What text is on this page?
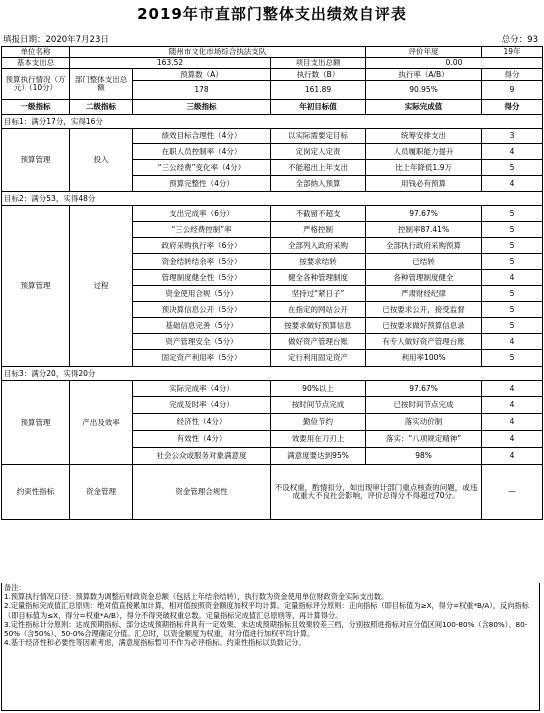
2019年市直部门整体支出绩效自评表
填报日期：2020年7月23日	总分：93
单位名称	随州市文化市场综合执法支队			评价年度	19年
基本支出总	163.52		项目支出总额	0.00	
预算执行情况（万元）（10分）	部门整体支出总额	预算数（A）	执行数（B）	执行率（A/B）	得分
		178	161.89	90.95%	9
一级指标	二级指标	三级指标	年初目标值	实际完成值	得分
目标1：满分17分，实得16分					
预算管理	投入	绩效目标合理性（4分）	以实际需要定目标	统筹安排支出	3
		在职人员控制率（4分）	定岗定人定责	人员履职能力提升	4
		“三公经费”变化率（4分）	不能超出上年支出	比上年降低1.9万	5
		预算完整性（4分）	全部纳入预算	用钱必有预算	4
目标2：满分53，实得48分					
预算管理	过程	支出完成率（6分）	不截留不超支	97.67%	5
		“三公经费控制”率	严格控制	控制率87.41%	5
		政府采购执行率（6分）	全部列入政府采购	全部执行政府采购预算	5
		资金结转结余率（5分）	按要求结转	已结转	5
		管理制度健全性（5分）	健全各种管理制度	各种管理制度健全	4
		资金使用合规（5分）	坚持过“紧日子”	严肃财经纪律	5
		预决算信息公开（5分）	在指定的网站公开	已按要求公开，接受监督	5
		基础信息完善（5分）	按要求做好预算信息	已按要求做好预算信息录	5
		资产管理安全（5分）	做好资产管理台账	有专人做好资产管理台账	4
		固定资产利用率（5分）	定行利用固定资产	利用率100%	5
目标3：满分20，实得20分					
预算管理	产出及效率	实际完成率（4分）	90%以上	97.67%	4
		完成及时率（4分）	按时间节点完成	已按时间节点完成	4
		经济性（4分）	勤俭节约	落实动价制	4
		有效性（4分）	效要用在刀刃上	落实：“八项规定精神”	4
		社会公众或服务对象满意度	满意度要达到95%	98%	4
约束性指标	资金管理	资金管理合规性	不设权重，酌情扣分，如出现审计部门重点核查的问题，或违成重大不良社会影响，评价总得分不得超过70分。		—

备注：

1.预算执行情况口径：预算数为调整后财政资金总额（包括上年结余结转），执行数为资金使用单位财政资金实际支出数。

2.定量指标完成值汇总原则：绝对值直接累加计算，相对值按照资金额度加权平均计算。定量指标评分原则：正向指标（即目标值为≥X，得分=权重*B/A），反向指标（即目标值为≤X，得分=权重*A/B），得分不得突破权重总数。定量指标完成值汇总原则等，再计算得分。

3.定性指标计分原则：达成预期指标、部分达成预期指标并具有一定效果、未达成预期指标且效果较差三档，分别按照进指标对应分值区间100-80%（含80%）、80-50%（含50%）、50-0%合理确定分值。汇总时，以资金额度为权重，对分值进行加权平均计算。

4.基于经济性和必要性等因素考虑，满意度指标暂可不作为必评指标。约束性指标以负数记分。
